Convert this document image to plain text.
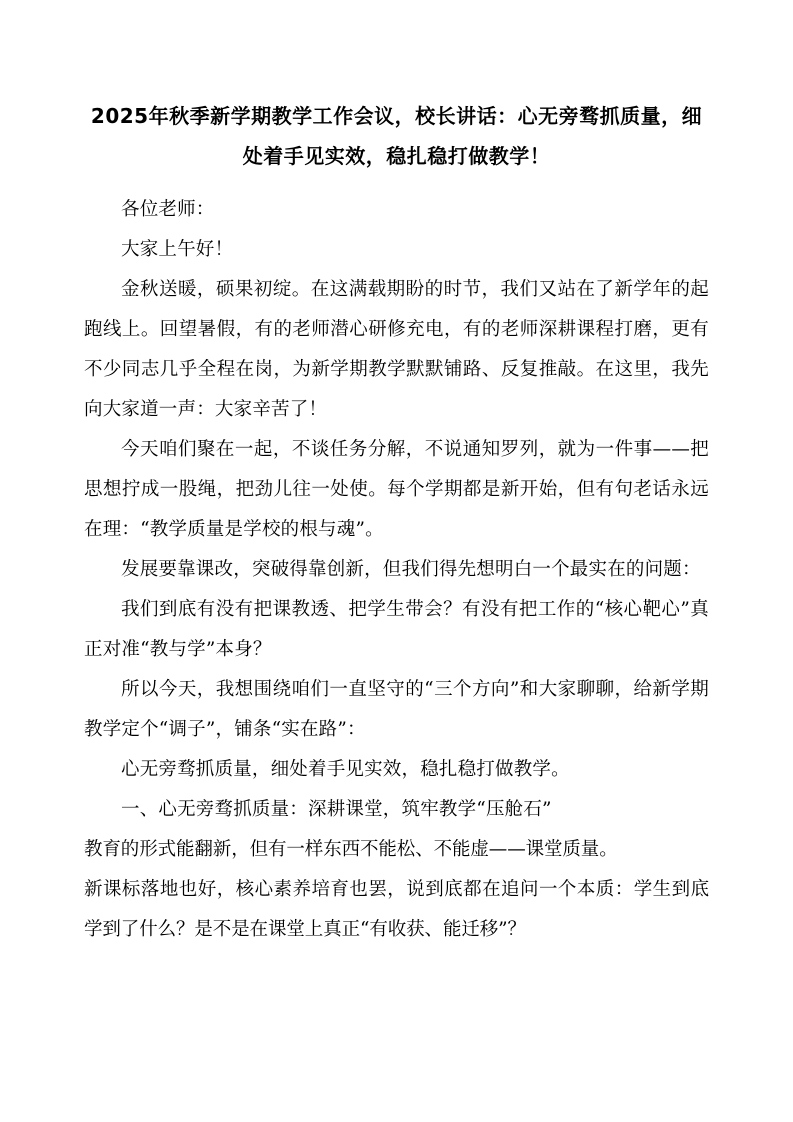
2025年秋季新学期教学工作会议，校长讲话：心无旁骛抓质量，细处着手见实效，稳扎稳打做教学！

各位老师：

大家上午好！

金秋送暖，硕果初绽。在这满载期盼的时节，我们又站在了新学年的起跑线上。回望暑假，有的老师潜心研修充电，有的老师深耕课程打磨，更有不少同志几乎全程在岗，为新学期教学默默铺路、反复推敲。在这里，我先向大家道一声：大家辛苦了！

今天咱们聚在一起，不谈任务分解，不说通知罗列，就为一件事——把思想拧成一股绳，把劲儿往一处使。每个学期都是新开始，但有句老话永远在理：“教学质量是学校的根与魂”。

发展要靠课改，突破得靠创新，但我们得先想明白一个最实在的问题：

我们到底有没有把课教透、把学生带会？有没有把工作的“核心靶心”真正对准“教与学”本身？

所以今天，我想围绕咱们一直坚守的“三个方向”和大家聊聊，给新学期教学定个“调子”，铺条“实在路”：

心无旁骛抓质量，细处着手见实效，稳扎稳打做教学。

一、心无旁骛抓质量：深耕课堂，筑牢教学“压舱石”

教育的形式能翻新，但有一样东西不能松、不能虚——课堂质量。

新课标落地也好，核心素养培育也罢，说到底都在追问一个本质：学生到底学到了什么？是不是在课堂上真正“有收获、能迁移”？
